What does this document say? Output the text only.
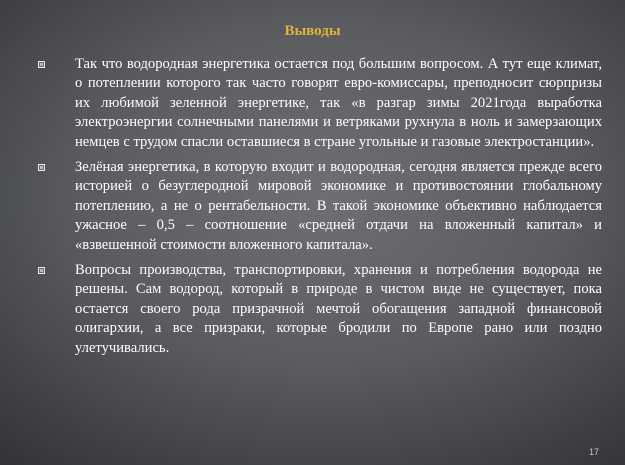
Выводы
Так что водородная энергетика остается под большим вопросом. А тут еще климат, о потеплении которого так часто говорят евро-комиссары, преподносит сюрпризы их любимой зеленной энергетике, так «в разгар зимы 2021года выработка электроэнергии солнечными панелями и ветряками рухнула в ноль и замерзающих немцев с трудом спасли оставшиеся в стране угольные и газовые электростанции».
Зелёная энергетика, в которую входит и водородная, сегодня является прежде всего историей о безуглеродной мировой экономике и противостоянии глобальному потеплению, а не о рентабельности. В такой экономике объективно наблюдается ужасное – 0,5 – соотношение «средней отдачи на вложенный капитал» и «взвешенной стоимости вложенного капитала».
Вопросы производства, транспортировки, хранения и потребления водорода не решены. Сам водород, который в природе в чистом виде не существует, пока остается своего рода призрачной мечтой обогащения западной финансовой олигархии, а все призраки, которые бродили по Европе рано или поздно улетучивались.
17
